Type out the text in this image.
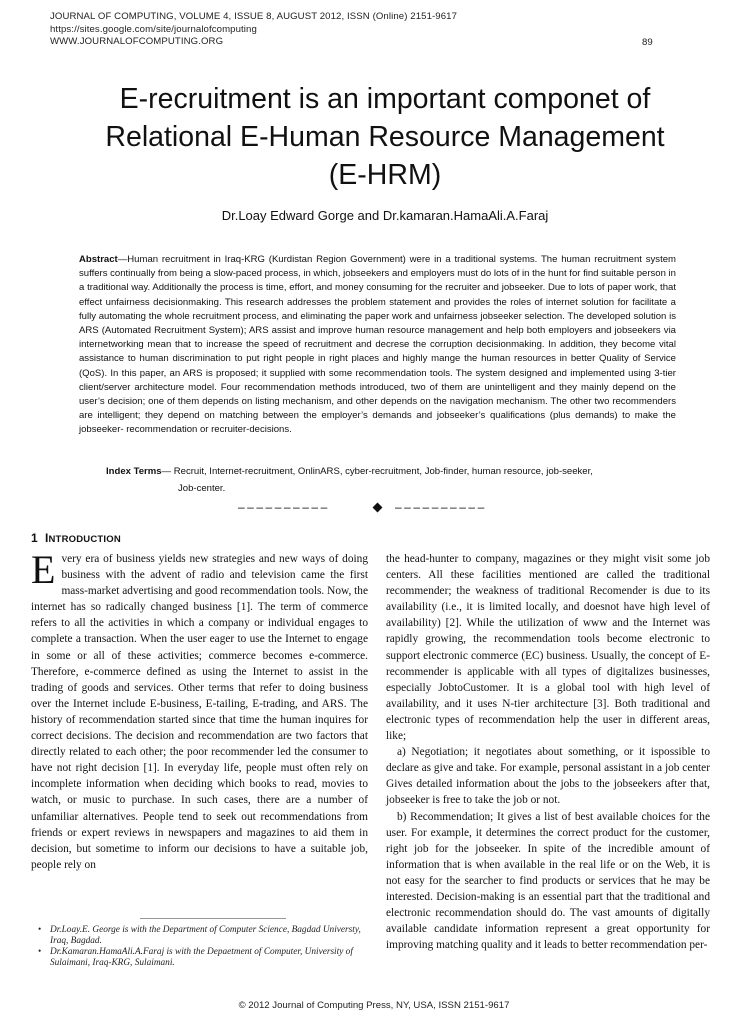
JOURNAL OF COMPUTING, VOLUME 4, ISSUE 8, AUGUST 2012, ISSN (Online) 2151-9617
https://sites.google.com/site/journalofcomputing
WWW.JOURNALOFCOMPUTING.ORG	89
E-recruitment is an important componet of
Relational E-Human Resource Management
(E-HRM)
Dr.Loay Edward Gorge and Dr.kamaran.HamaAli.A.Faraj
Abstract—Human recruitment in Iraq-KRG (Kurdistan Region Government) were in a traditional systems. The human recruitment system suffers continually from being a slow-paced process, in which, jobseekers and employers must do lots of in the hunt for find suitable person in a traditional way. Additionally the process is time, effort, and money consuming for the recruiter and jobseeker. Due to lots of paper work, that effect unfairness decisionmaking. This research addresses the problem statement and provides the roles of internet solution for facilitate a fully automating the whole recruitment process, and eliminating the paper work and unfairness jobseeker selection. The developed solution is ARS (Automated Recruitment System); ARS assist and improve human resource management and help both employers and jobseekers via internetworking mean that to increase the speed of recruitment and decrese the corruption decisionmaking. In addition, they become vital assistance to human discrimination to put right people in right places and highly mange the human resources in better Quality of Service (QoS). In this paper, an ARS is proposed; it supplied with some recommendation tools. The system designed and implemented using 3-tier client/server architecture model. Four recommendation methods introduced, two of them are unintelligent and they mainly depend on the user’s decision; one of them depends on listing mechanism, and other depends on the navigation mechanism. The other two recommenders are intelligent; they depend on matching between the employer’s demands and jobseeker’s qualifications (plus demands) to make the jobseeker- recommendation or recruiter-decisions.
Index Terms— Recruit, Internet-recruitment, OnlinARS, cyber-recruitment, Job-finder, human resource, job-seeker,
Job-center.
––––––––––	––––––––––
1 INTRODUCTION

Every era of business yields new strategies and new ways of doing business with the advent of radio and television came the first mass-market advertising and good recommendation tools. Now, the internet has so radically changed business [1]. The term of commerce refers to all the activities in which a company or individual engages to complete a transaction. When the user eager to use the Internet to engage in some or all of these activities; commerce becomes e-commerce. Therefore, e-commerce defined as using the Internet to assist in the trading of goods and services. Other terms that refer to doing business over the Internet include E-business, E-tailing, E-trading, and ARS. The history of recommendation started since that time the human inquires for correct decisions. The decision and recommendation are two factors that directly related to each other; the poor recommender led the consumer to have not right decision [1]. In everyday life, people must often rely on incomplete information when deciding which books to read, movies to watch, or music to purchase. In such cases, there are a number of unfamiliar alternatives. People tend to seek out recommendations from friends or expert reviews in newspapers and magazines to aid them in decision, but sometime to inform our decisions to have a suitable job, people rely on

the head-hunter to company, magazines or they might visit some job centers. All these facilities mentioned are called the traditional recommender; the weakness of traditional Recomender is due to its availability (i.e., it is limited locally, and doesnot have high level of availability) [2]. While the utilization of www and the Internet was rapidly growing, the recommendation tools become electronic to support electronic commerce (EC) business. Usually, the concept of E-recommender is applicable with all types of digitalizes businesses, especially JobtoCustomer. It is a global tool with high level of availability, and it uses N-tier architecture [3]. Both traditional and electronic types of recommendation help the user in different areas, like;

a) Negotiation; it negotiates about something, or it ispossible to declare as give and take. For example, personal assistant in a job center Gives detailed information about the jobs to the jobseekers after that, jobseeker is free to take the job or not.

b) Recommendation; It gives a list of best available choices for the user. For example, it determines the correct product for the customer, right job for the jobseeker. In spite of the incredible amount of information that is when available in the real life or on the Web, it is not easy for the searcher to find products or services that he may be interested. Decision-making is an essential part that the traditional and electronic recommendation should do. The vast amounts of digitally available candidate information represent a great opportunity for improving matching quality and it leads to better recommendation per-

• Dr.Loay.E. George is with the Department of Computer Science, Bagdad Universty, Iraq, Bagdad.
• Dr.Kamaran.HamaAli.A.Faraj is with the Depaetment of Computer, University of Sulaimani, Iraq-KRG, Sulaimani.
© 2012 Journal of Computing Press, NY, USA, ISSN 2151-9617
